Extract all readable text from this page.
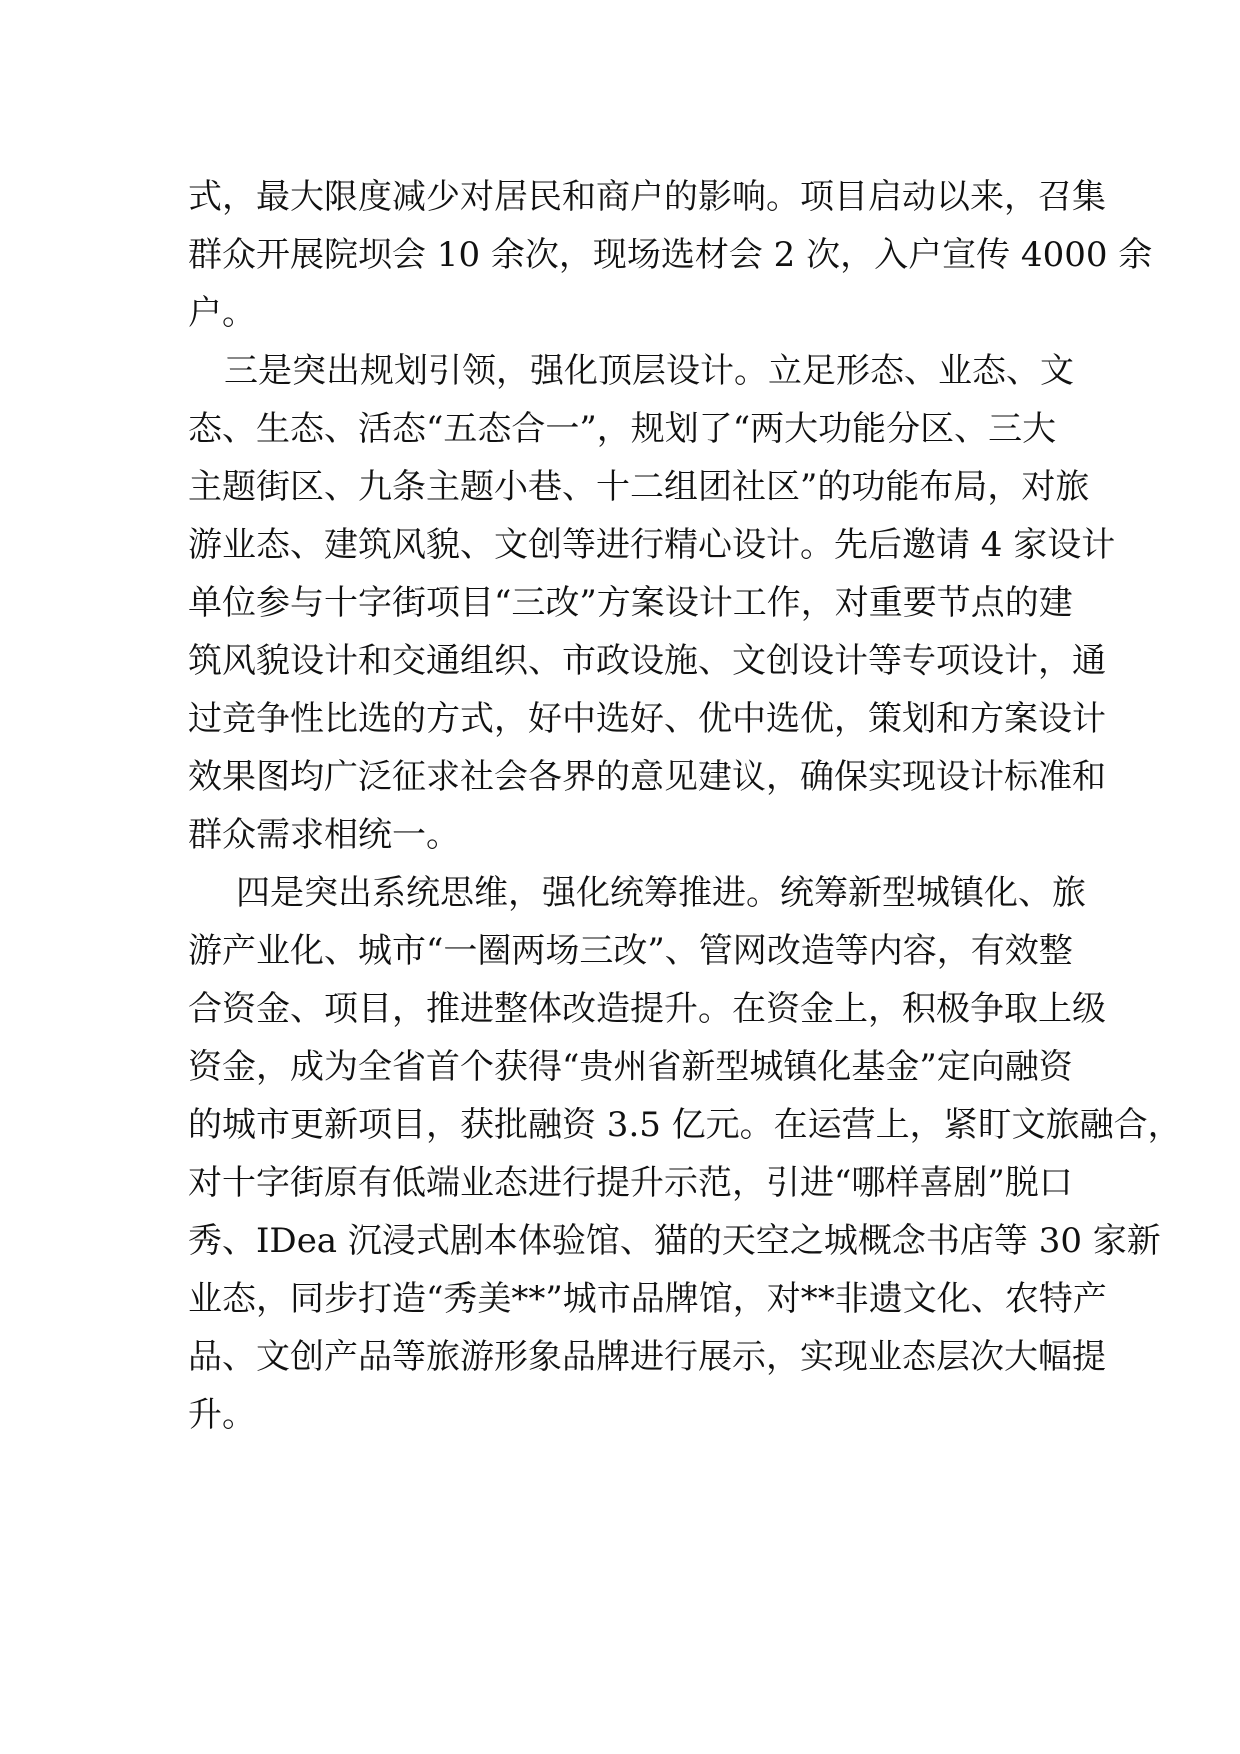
式，最大限度减少对居民和商户的影响。项目启动以来，召集
群众开展院坝会 10 余次，现场选材会 2 次，入户宣传 4000 余
户。
三是突出规划引领，强化顶层设计。立足形态、业态、文
态、生态、活态“五态合一”，规划了“两大功能分区、三大
主题街区、九条主题小巷、十二组团社区”的功能布局，对旅
游业态、建筑风貌、文创等进行精心设计。先后邀请 4 家设计
单位参与十字街项目“三改”方案设计工作，对重要节点的建
筑风貌设计和交通组织、市政设施、文创设计等专项设计，通
过竞争性比选的方式，好中选好、优中选优，策划和方案设计
效果图均广泛征求社会各界的意见建议，确保实现设计标准和
群众需求相统一。
四是突出系统思维，强化统筹推进。统筹新型城镇化、旅
游产业化、城市“一圈两场三改”、管网改造等内容，有效整
合资金、项目，推进整体改造提升。在资金上，积极争取上级
资金，成为全省首个获得“贵州省新型城镇化基金”定向融资
的城市更新项目，获批融资 3.5 亿元。在运营上，紧盯文旅融合，
对十字街原有低端业态进行提升示范，引进“哪样喜剧”脱口
秀、IDea 沉浸式剧本体验馆、猫的天空之城概念书店等 30 家新
业态，同步打造“秀美**”城市品牌馆，对**非遗文化、农特产
品、文创产品等旅游形象品牌进行展示，实现业态层次大幅提
升。
